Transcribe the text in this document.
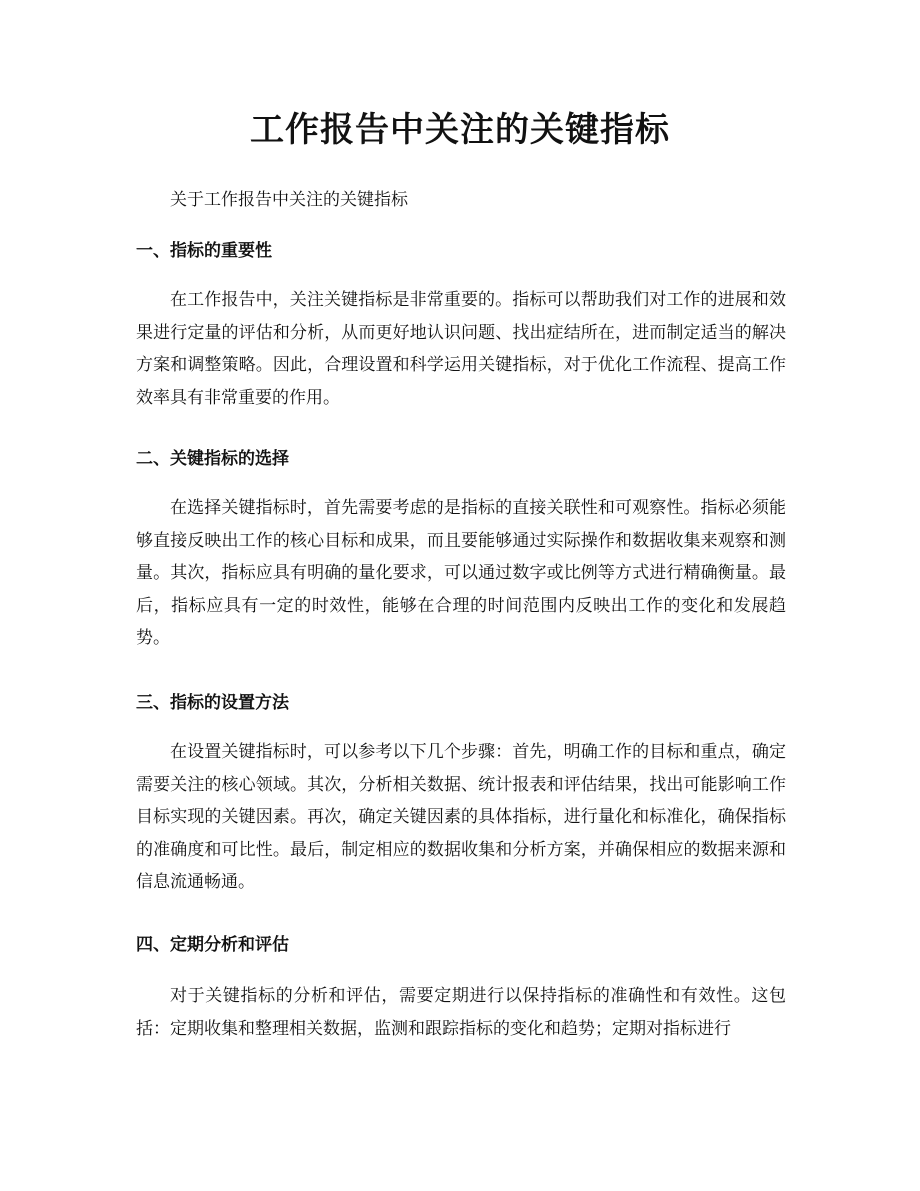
工作报告中关注的关键指标

关于工作报告中关注的关键指标

一、指标的重要性

在工作报告中，关注关键指标是非常重要的。指标可以帮助我们对工作的进展和效果进行定量的评估和分析，从而更好地认识问题、找出症结所在，进而制定适当的解决方案和调整策略。因此，合理设置和科学运用关键指标，对于优化工作流程、提高工作效率具有非常重要的作用。

二、关键指标的选择

在选择关键指标时，首先需要考虑的是指标的直接关联性和可观察性。指标必须能够直接反映出工作的核心目标和成果，而且要能够通过实际操作和数据收集来观察和测量。其次，指标应具有明确的量化要求，可以通过数字或比例等方式进行精确衡量。最后，指标应具有一定的时效性，能够在合理的时间范围内反映出工作的变化和发展趋势。

三、指标的设置方法

在设置关键指标时，可以参考以下几个步骤：首先，明确工作的目标和重点，确定需要关注的核心领域。其次，分析相关数据、统计报表和评估结果，找出可能影响工作目标实现的关键因素。再次，确定关键因素的具体指标，进行量化和标准化，确保指标的准确度和可比性。最后，制定相应的数据收集和分析方案，并确保相应的数据来源和信息流通畅通。

四、定期分析和评估

对于关键指标的分析和评估，需要定期进行以保持指标的准确性和有效性。这包括：定期收集和整理相关数据，监测和跟踪指标的变化和趋势；定期对指标进行
